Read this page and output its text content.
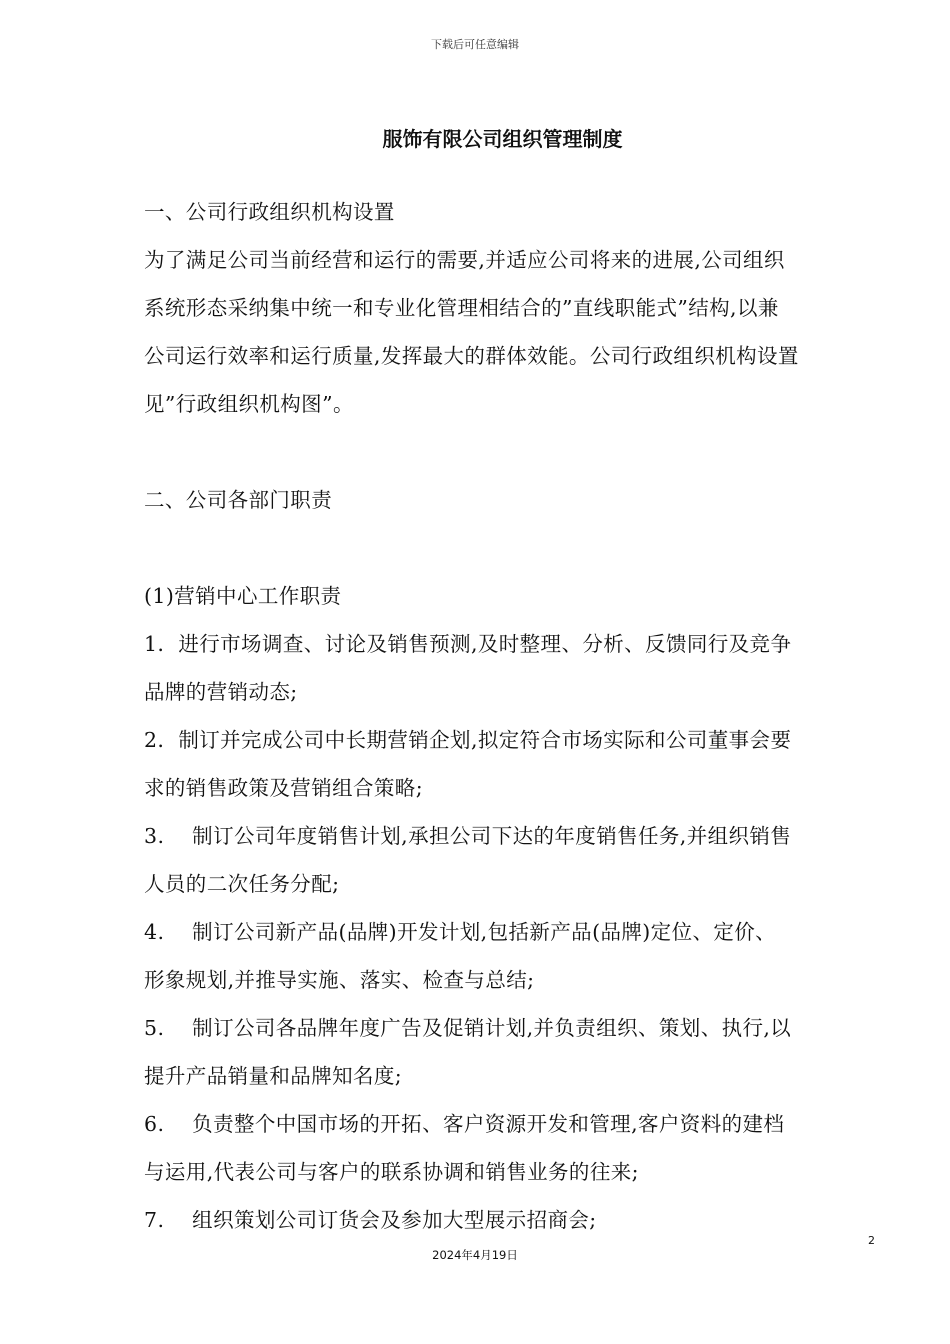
下载后可任意编辑
服饰有限公司组织管理制度

一、公司行政组织机构设置

为了满足公司当前经营和运行的需要,并适应公司将来的进展,公司组织

系统形态采纳集中统一和专业化管理相结合的”直线职能式”结构,以兼

公司运行效率和运行质量,发挥最大的群体效能。公司行政组织机构设置

见”行政组织机构图”。

二、公司各部门职责

(1)营销中心工作职责

1．进行市场调查、讨论及销售预测,及时整理、分析、反馈同行及竞争

品牌的营销动态;

2．制订并完成公司中长期营销企划,拟定符合市场实际和公司董事会要

求的销售政策及营销组合策略;

3.　 制订公司年度销售计划,承担公司下达的年度销售任务,并组织销售

人员的二次任务分配;

4.　 制订公司新产品(品牌)开发计划,包括新产品(品牌)定位、定价、

形象规划,并推导实施、落实、检查与总结;

5.　 制订公司各品牌年度广告及促销计划,并负责组织、策划、执行,以

提升产品销量和品牌知名度;

6.　 负责整个中国市场的开拓、客户资源开发和管理,客户资料的建档

与运用,代表公司与客户的联系协调和销售业务的往来;

7.　 组织策划公司订货会及参加大型展示招商会;

2
2024年4月19日
